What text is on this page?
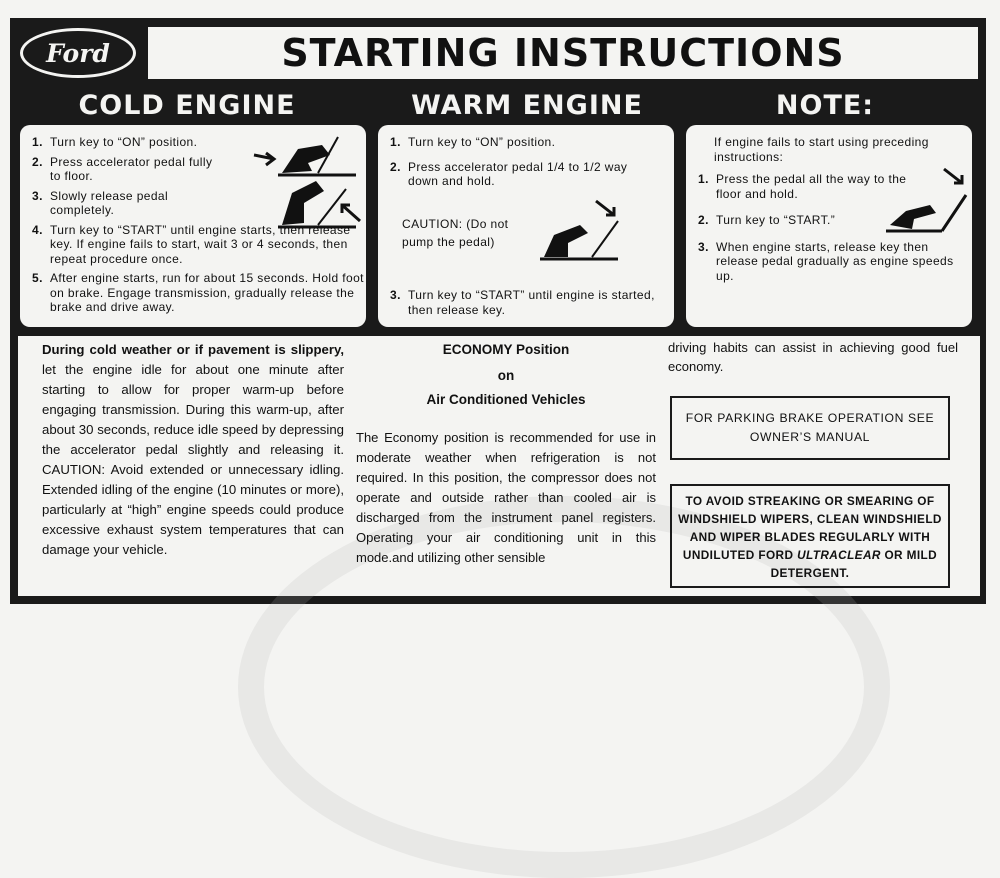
Ford	STARTING INSTRUCTIONS
COLD ENGINE	WARM ENGINE	NOTE:
1. Turn key to “ON” position.
2. Press accelerator pedal fully to floor.
3. Slowly release pedal completely.
4. Turn key to “START” until engine starts, then release key. If engine fails to start, wait 3 or 4 seconds, then repeat procedure once.
5. After engine starts, run for about 15 seconds. Hold foot on brake. Engage transmission, gradually release the brake and drive away.
1. Turn key to “ON” position.
2. Press accelerator pedal 1/4 to 1/2 way down and hold.
CAUTION: (Do not pump the pedal)
3. Turn key to “START” until engine is started, then release key.
If engine fails to start using preceding instructions:
1. Press the pedal all the way to the floor and hold.
2. Turn key to “START.”
3. When engine starts, release key then release pedal gradually as engine speeds up.
During cold weather or if pavement is slippery, let the engine idle for about one minute after starting to allow for proper warm-up before engaging transmission. During this warm-up, after about 30 seconds, reduce idle speed by depressing the accelerator pedal slightly and releasing it. CAUTION: Avoid extended or unnecessary idling. Extended idling of the engine (10 minutes or more), particularly at “high” engine speeds could produce excessive exhaust system temperatures that can damage your vehicle.
ECONOMY Position
on
Air Conditioned Vehicles
The Economy position is recommended for use in moderate weather when refrigeration is not required. In this position, the compressor does not operate and outside rather than cooled air is discharged from the instrument panel registers. Operating your air conditioning unit in this mode.and utilizing other sensible
driving habits can assist in achieving good fuel economy.
FOR PARKING BRAKE OPERATION SEE OWNER’S MANUAL
TO AVOID STREAKING OR SMEARING OF WINDSHIELD WIPERS, CLEAN WINDSHIELD AND WIPER BLADES REGULARLY WITH UNDILUTED FORD ULTRACLEAR OR MILD DETERGENT.
